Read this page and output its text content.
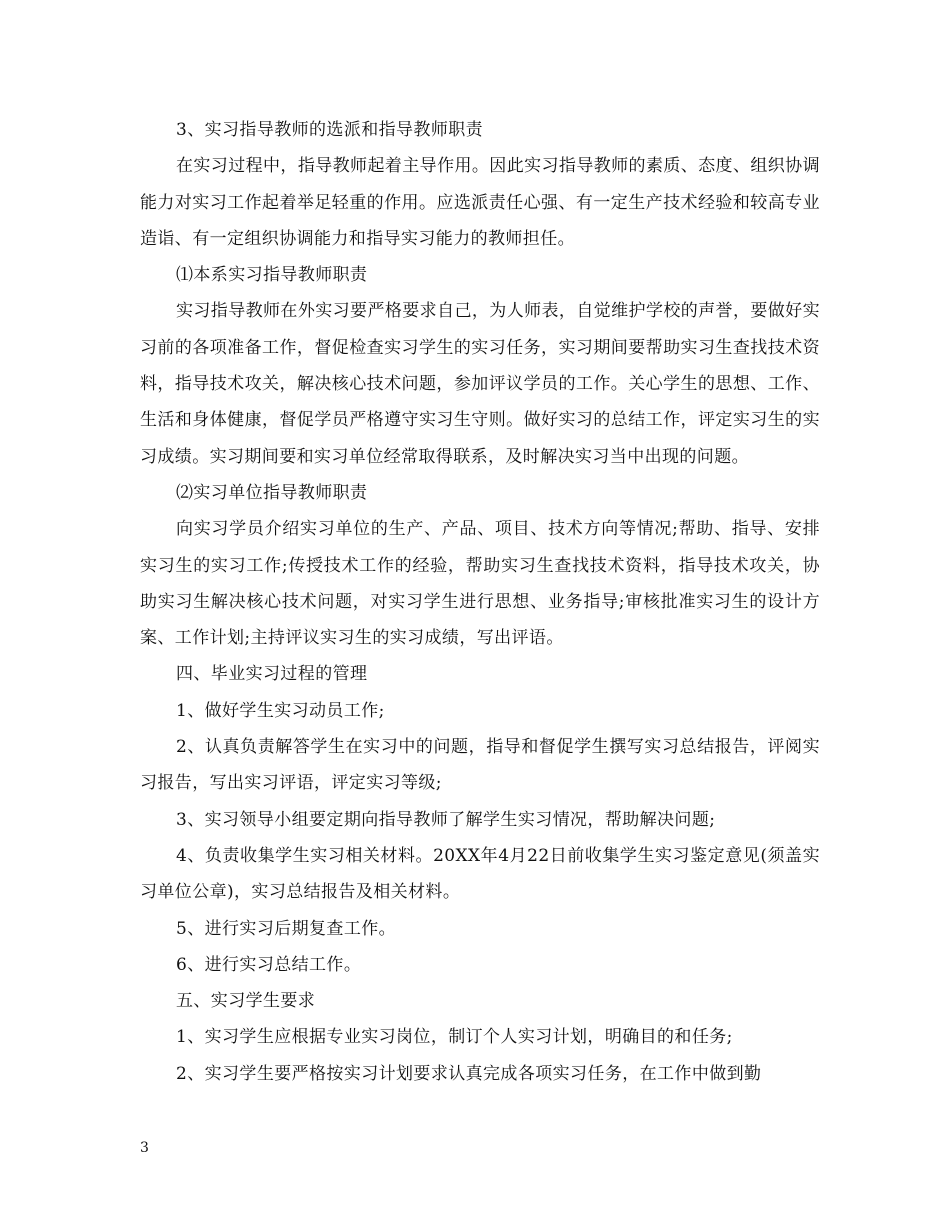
3、实习指导教师的选派和指导教师职责

在实习过程中，指导教师起着主导作用。因此实习指导教师的素质、态度、组织协调能力对实习工作起着举足轻重的作用。应选派责任心强、有一定生产技术经验和较高专业造诣、有一定组织协调能力和指导实习能力的教师担任。

⑴本系实习指导教师职责

实习指导教师在外实习要严格要求自己，为人师表，自觉维护学校的声誉，要做好实习前的各项准备工作，督促检查实习学生的实习任务，实习期间要帮助实习生查找技术资料，指导技术攻关，解决核心技术问题，参加评议学员的工作。关心学生的思想、工作、生活和身体健康，督促学员严格遵守实习生守则。做好实习的总结工作，评定实习生的实习成绩。实习期间要和实习单位经常取得联系，及时解决实习当中出现的问题。

⑵实习单位指导教师职责

向实习学员介绍实习单位的生产、产品、项目、技术方向等情况;帮助、指导、安排实习生的实习工作;传授技术工作的经验，帮助实习生查找技术资料，指导技术攻关，协助实习生解决核心技术问题，对实习学生进行思想、业务指导;审核批准实习生的设计方案、工作计划;主持评议实习生的实习成绩，写出评语。

四、毕业实习过程的管理

1、做好学生实习动员工作;

2、认真负责解答学生在实习中的问题，指导和督促学生撰写实习总结报告，评阅实习报告，写出实习评语，评定实习等级;

3、实习领导小组要定期向指导教师了解学生实习情况，帮助解决问题;

4、负责收集学生实习相关材料。20XX年4月22日前收集学生实习鉴定意见(须盖实习单位公章)，实习总结报告及相关材料。

5、进行实习后期复查工作。

6、进行实习总结工作。

五、实习学生要求

1、实习学生应根据专业实习岗位，制订个人实习计划，明确目的和任务;

2、实习学生要严格按实习计划要求认真完成各项实习任务，在工作中做到勤

3
